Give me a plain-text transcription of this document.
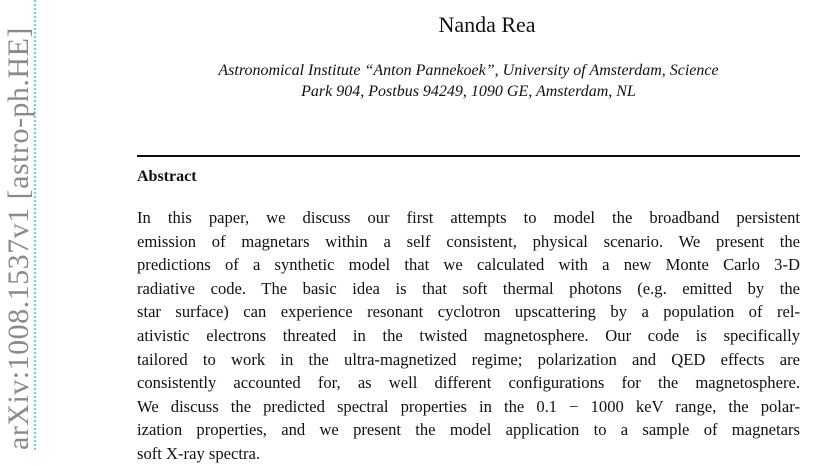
arXiv:1008.1537v1 [astro-ph.HE]
Nanda Rea
Astronomical Institute “Anton Pannekoek”, University of Amsterdam, Science
Park 904, Postbus 94249, 1090 GE, Amsterdam, NL
Abstract
In this paper, we discuss our first attempts to model the broadband persistent
emission of magnetars within a self consistent, physical scenario. We present the
predictions of a synthetic model that we calculated with a new Monte Carlo 3-D
radiative code. The basic idea is that soft thermal photons (e.g. emitted by the
star surface) can experience resonant cyclotron upscattering by a population of rel-
ativistic electrons threated in the twisted magnetosphere. Our code is specifically
tailored to work in the ultra-magnetized regime; polarization and QED effects are
consistently accounted for, as well different configurations for the magnetosphere.
We discuss the predicted spectral properties in the 0.1 − 1000 keV range, the polar-
ization properties, and we present the model application to a sample of magnetars
soft X-ray spectra.
